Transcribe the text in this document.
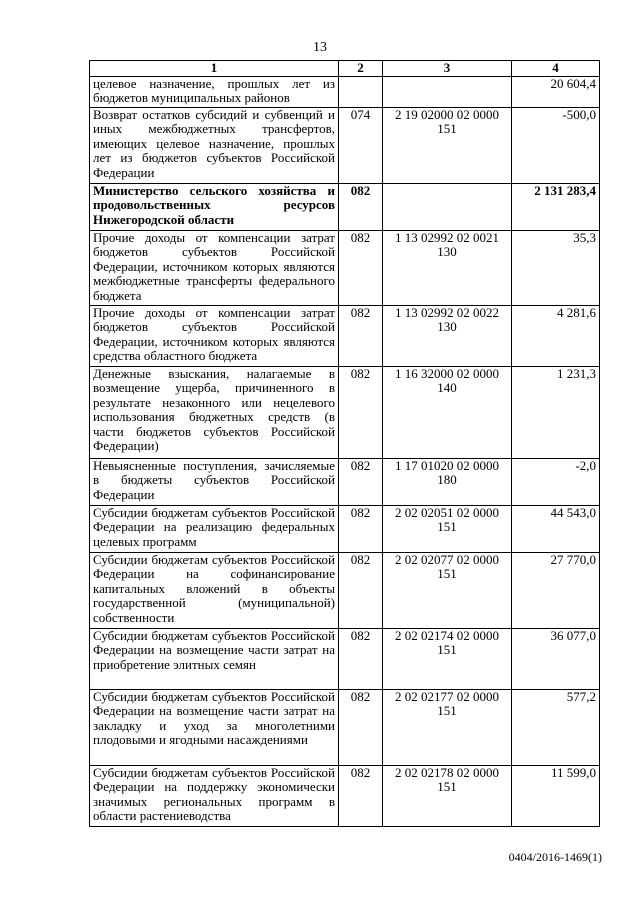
13
1	2	3	4
целевое назначение, прошлых лет из бюджетов муниципальных районов			20 604,4
Возврат остатков субсидий и субвенций и иных межбюджетных трансфертов, имеющих целевое назначение, прошлых лет из бюджетов субъектов Российской Федерации	074	2 19 02000 02 0000 151	-500,0
Министерство сельского хозяйства и продовольственных ресурсов Нижегородской области	082		2 131 283,4
Прочие доходы от компенсации затрат бюджетов субъектов Российской Федерации, источником которых являются межбюджетные трансферты федерального бюджета	082	1 13 02992 02 0021 130	35,3
Прочие доходы от компенсации затрат бюджетов субъектов Российской Федерации, источником которых являются средства областного бюджета	082	1 13 02992 02 0022 130	4 281,6
Денежные взыскания, налагаемые в возмещение ущерба, причиненного в результате незаконного или нецелевого использования бюджетных средств (в части бюджетов субъектов Российской Федерации)	082	1 16 32000 02 0000 140	1 231,3
Невыясненные поступления, зачисляемые в бюджеты субъектов Российской Федерации	082	1 17 01020 02 0000 180	-2,0
Субсидии бюджетам субъектов Российской Федерации на реализацию федеральных целевых программ	082	2 02 02051 02 0000 151	44 543,0
Субсидии бюджетам субъектов Российской Федерации на софинансирование капитальных вложений в объекты государственной (муниципальной) собственности	082	2 02 02077 02 0000 151	27 770,0
Субсидии бюджетам субъектов Российской Федерации на возмещение части затрат на приобретение элитных семян	082	2 02 02174 02 0000 151	36 077,0
Субсидии бюджетам субъектов Российской Федерации на возмещение части затрат на закладку и уход за многолетними плодовыми и ягодными насаждениями	082	2 02 02177 02 0000 151	577,2
Субсидии бюджетам субъектов Российской Федерации на поддержку экономически значимых региональных программ в области растениеводства	082	2 02 02178 02 0000 151	11 599,0
0404/2016-1469(1)
